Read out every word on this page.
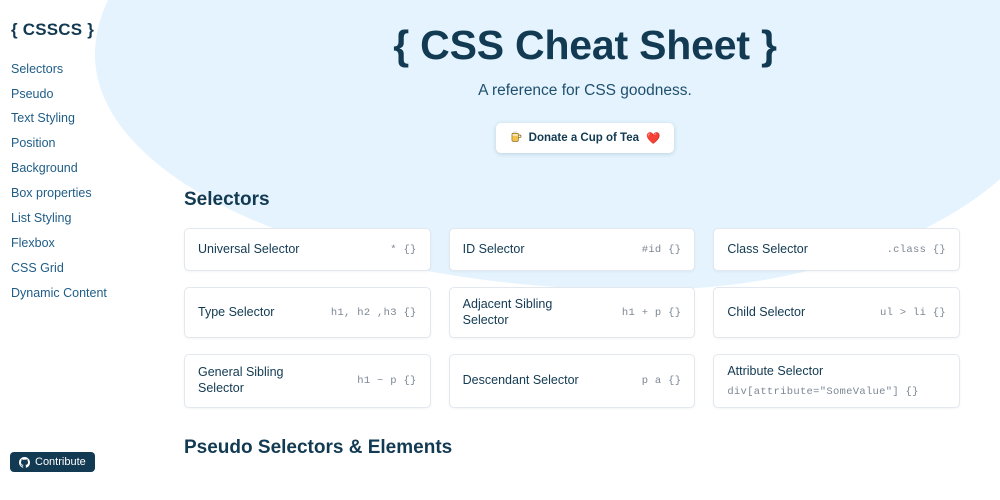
{ CSSCS }
Selectors
Pseudo
Text Styling
Position
Background
Box properties
List Styling
Flexbox
CSS Grid
Dynamic Content
Contribute
{ CSS Cheat Sheet }

A reference for CSS goodness.

Donate a Cup of Tea ❤️
Selectors
Universal Selector	* {}	ID Selector	#id {}	Class Selector	.class {}
Type Selector	h1, h2 ,h3 {}
Adjacent Sibling Selector	h1 + p {}	Child Selector	ul > li {}
General Sibling Selector	h1 ~ p {}	Descendant Selector	p a {}
Attribute Selector
div[attribute="SomeValue"] {}
Pseudo Selectors & Elements
